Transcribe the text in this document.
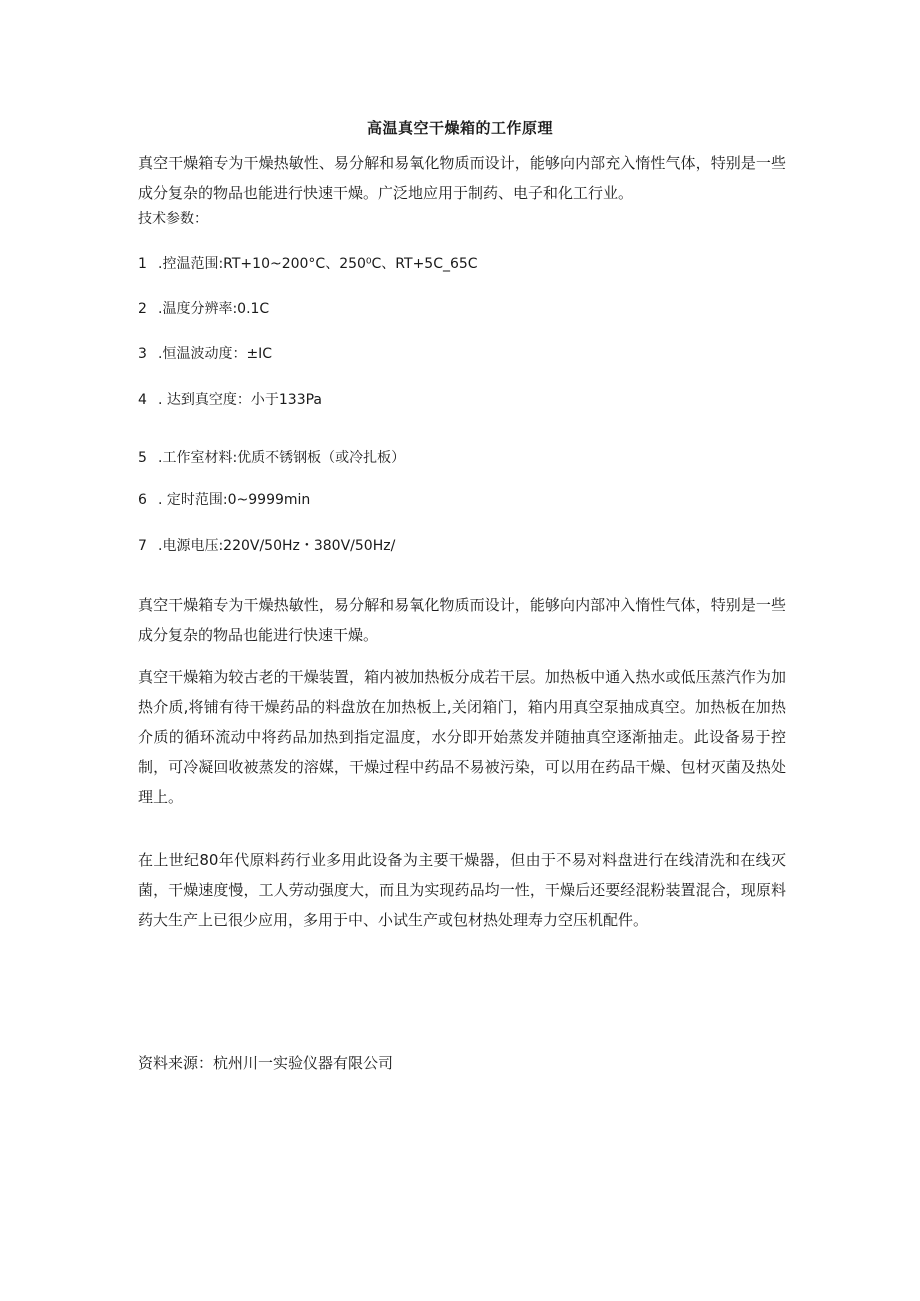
高温真空干燥箱的工作原理
真空干燥箱专为干燥热敏性、易分解和易氧化物质而设计，能够向内部充入惰性气体，特别是一些成分复杂的物品也能进行快速干燥。广泛地应用于制药、电子和化工行业。
技术参数：
1 .控温范围:RT+10~200°C、250⁰C、RT+5C_65C
2 .温度分辨率:0.1C
3 .恒温波动度：±IC
4 . 达到真空度：小于133Pa
5 .工作室材料:优质不锈钢板（或冷扎板）
6 . 定时范围:0~9999min
7 .电源电压:220V/50Hz・380V/50Hz/
真空干燥箱专为干燥热敏性，易分解和易氧化物质而设计，能够向内部冲入惰性气体，特别是一些成分复杂的物品也能进行快速干燥。
真空干燥箱为较古老的干燥装置，箱内被加热板分成若干层。加热板中通入热水或低压蒸汽作为加热介质,将铺有待干燥药品的料盘放在加热板上,关闭箱门，箱内用真空泵抽成真空。加热板在加热介质的循环流动中将药品加热到指定温度，水分即开始蒸发并随抽真空逐渐抽走。此设备易于控制，可冷凝回收被蒸发的溶媒，干燥过程中药品不易被污染，可以用在药品干燥、包材灭菌及热处理上。
在上世纪80年代原料药行业多用此设备为主要干燥器，但由于不易对料盘进行在线清洗和在线灭菌，干燥速度慢，工人劳动强度大，而且为实现药品均一性，干燥后还要经混粉装置混合，现原料药大生产上已很少应用，多用于中、小试生产或包材热处理寿力空压机配件。
资料来源：杭州川一实验仪器有限公司
